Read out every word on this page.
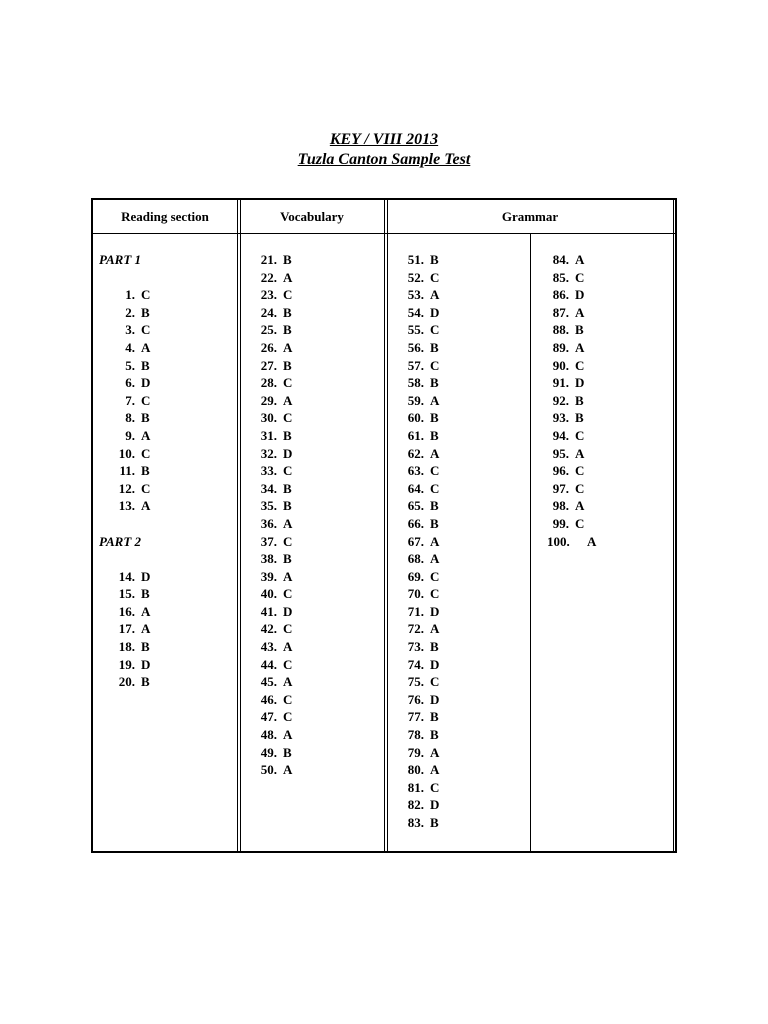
KEY / VIII 2013
Tuzla Canton Sample Test
Reading section	Vocabulary	Grammar
PART 1
1. C
2. B
3. C
4. A
5. B
6. D
7. C
8. B
9. A
10. C
11. B
12. C
13. A
PART 2
14. D
15. B
16. A
17. A
18. B
19. D
20. B
21. B
22. A
23. C
24. B
25. B
26. A
27. B
28. C
29. A
30. C
31. B
32. D
33. C
34. B
35. B
36. A
37. C
38. B
39. A
40. C
41. D
42. C
43. A
44. C
45. A
46. C
47. C
48. A
49. B
50. A
51. B
52. C
53. A
54. D
55. C
56. B
57. C
58. B
59. A
60. B
61. B
62. A
63. C
64. C
65. B
66. B
67. A
68. A
69. C
70. C
71. D
72. A
73. B
74. D
75. C
76. D
77. B
78. B
79. A
80. A
81. C
82. D
83. B
84. A
85. C
86. D
87. A
88. B
89. A
90. C
91. D
92. B
93. B
94. C
95. A
96. C
97. C
98. A
99. C
100. A
